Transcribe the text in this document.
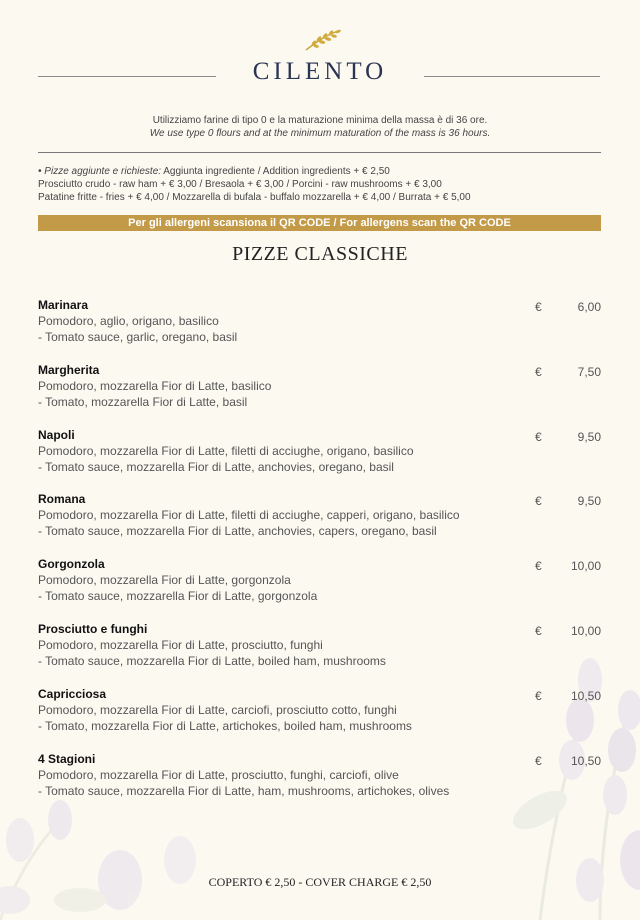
CILENTO
Utilizziamo farine di tipo 0 e la maturazione minima della massa è di 36 ore.
We use type 0 flours and at the minimum maturation of the mass is 36 hours.
• Pizze aggiunte e richieste: Aggiunta ingrediente / Addition ingredients + € 2,50
Prosciutto crudo - raw ham + € 3,00 / Bresaola + € 3,00 / Porcini - raw mushrooms + € 3,00
Patatine fritte - fries + € 4,00 / Mozzarella di bufala - buffalo mozzarella + € 4,00 / Burrata + € 5,00
Per gli allergeni scansiona il QR CODE / For allergens scan the QR CODE
PIZZE CLASSICHE
Marinara
Pomodoro, aglio, origano, basilico
- Tomato sauce, garlic, oregano, basil
€	6,00
Margherita
Pomodoro, mozzarella Fior di Latte, basilico
- Tomato, mozzarella Fior di Latte, basil
€	7,50
Napoli
Pomodoro, mozzarella Fior di Latte, filetti di acciughe, origano, basilico
- Tomato sauce, mozzarella Fior di Latte, anchovies, oregano, basil
€	9,50
Romana
Pomodoro, mozzarella Fior di Latte, filetti di acciughe, capperi, origano, basilico
- Tomato sauce, mozzarella Fior di Latte, anchovies, capers, oregano, basil
€	9,50
Gorgonzola
Pomodoro, mozzarella Fior di Latte, gorgonzola
- Tomato sauce, mozzarella Fior di Latte, gorgonzola
€ 10,00
Prosciutto e funghi
Pomodoro, mozzarella Fior di Latte, prosciutto, funghi
- Tomato sauce, mozzarella Fior di Latte, boiled ham, mushrooms
€ 10,00
Capricciosa
Pomodoro, mozzarella Fior di Latte, carciofi, prosciutto cotto, funghi
- Tomato, mozzarella Fior di Latte, artichokes, boiled ham, mushrooms
€ 10,50
4 Stagioni
Pomodoro, mozzarella Fior di Latte, prosciutto, funghi, carciofi, olive
- Tomato sauce, mozzarella Fior di Latte, ham, mushrooms, artichokes, olives
€ 10,50
COPERTO € 2,50 - COVER CHARGE € 2,50
